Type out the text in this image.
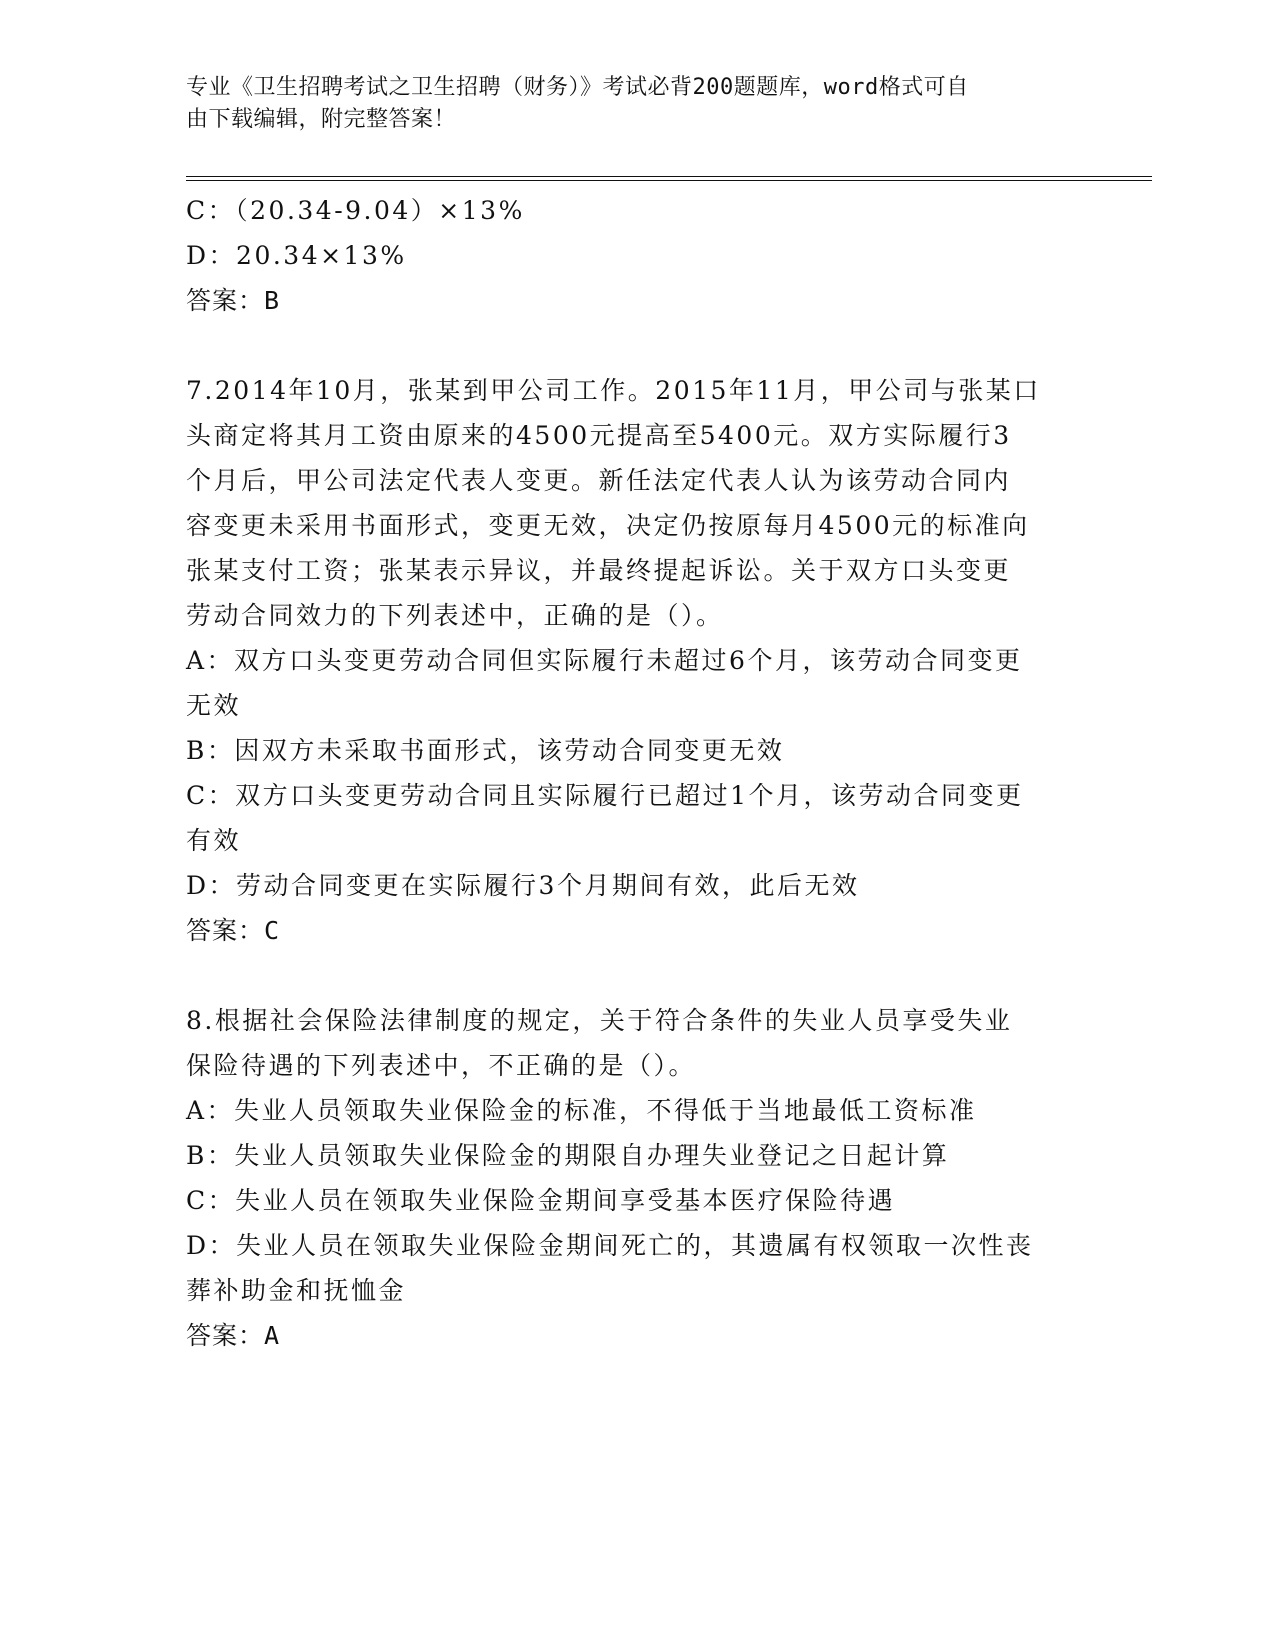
专业《卫生招聘考试之卫生招聘（财务）》考试必背200题题库，word格式可自
由下载编辑，附完整答案！
C：（20.34-9.04）×13%
D：20.34×13%
答案：B
7.2014年10月，张某到甲公司工作。2015年11月，甲公司与张某口
头商定将其月工资由原来的4500元提高至5400元。双方实际履行3
个月后，甲公司法定代表人变更。新任法定代表人认为该劳动合同内
容变更未采用书面形式，变更无效，决定仍按原每月4500元的标准向
张某支付工资；张某表示异议，并最终提起诉讼。关于双方口头变更
劳动合同效力的下列表述中，正确的是（）。
A：双方口头变更劳动合同但实际履行未超过6个月，该劳动合同变更
无效
B：因双方未采取书面形式，该劳动合同变更无效
C：双方口头变更劳动合同且实际履行已超过1个月，该劳动合同变更
有效
D：劳动合同变更在实际履行3个月期间有效，此后无效
答案：C
8.根据社会保险法律制度的规定，关于符合条件的失业人员享受失业
保险待遇的下列表述中，不正确的是（）。
A：失业人员领取失业保险金的标准，不得低于当地最低工资标准
B：失业人员领取失业保险金的期限自办理失业登记之日起计算
C：失业人员在领取失业保险金期间享受基本医疗保险待遇
D：失业人员在领取失业保险金期间死亡的，其遗属有权领取一次性丧
葬补助金和抚恤金
答案：A
